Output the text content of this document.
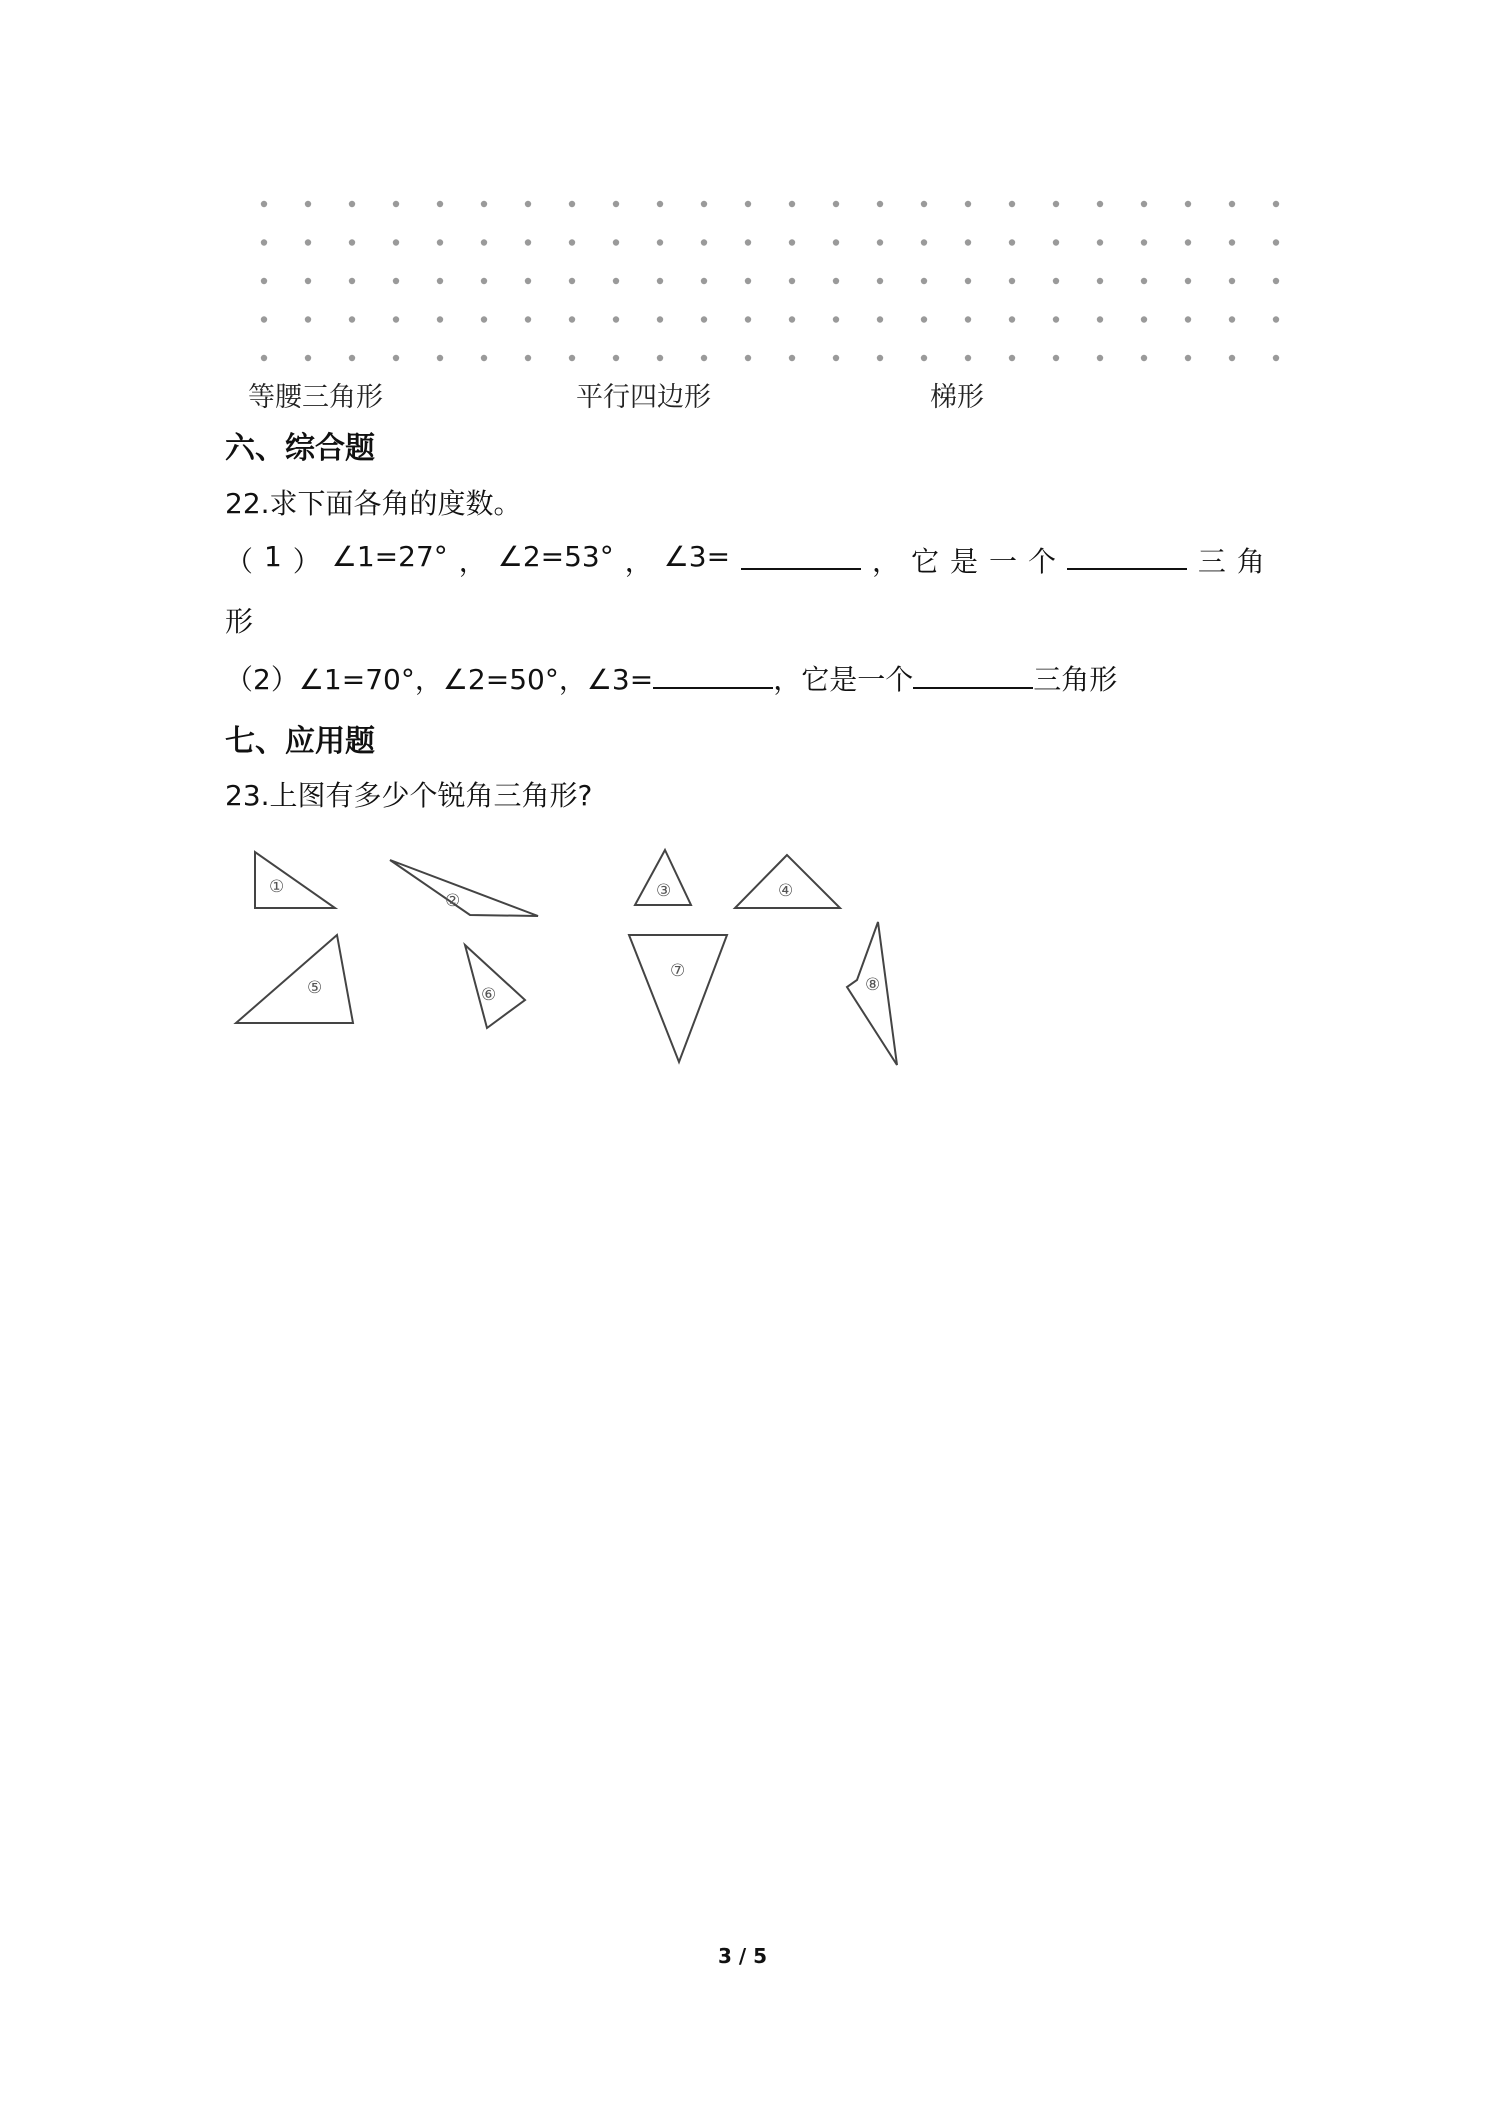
等腰三角形	平行四边形	梯形
六、综合题
22.求下面各角的度数。
（ 1 ） ∠1=27° ， ∠2=53° ， ∠3=	， 它 是 一 个	三 角
形
（2）∠1=70°，∠2=50°，∠3=	，它是一个	三角形
七、应用题
23.上图有多少个锐角三角形?
①
②	③	④
⑤	⑥
⑦
⑧
3 / 5
